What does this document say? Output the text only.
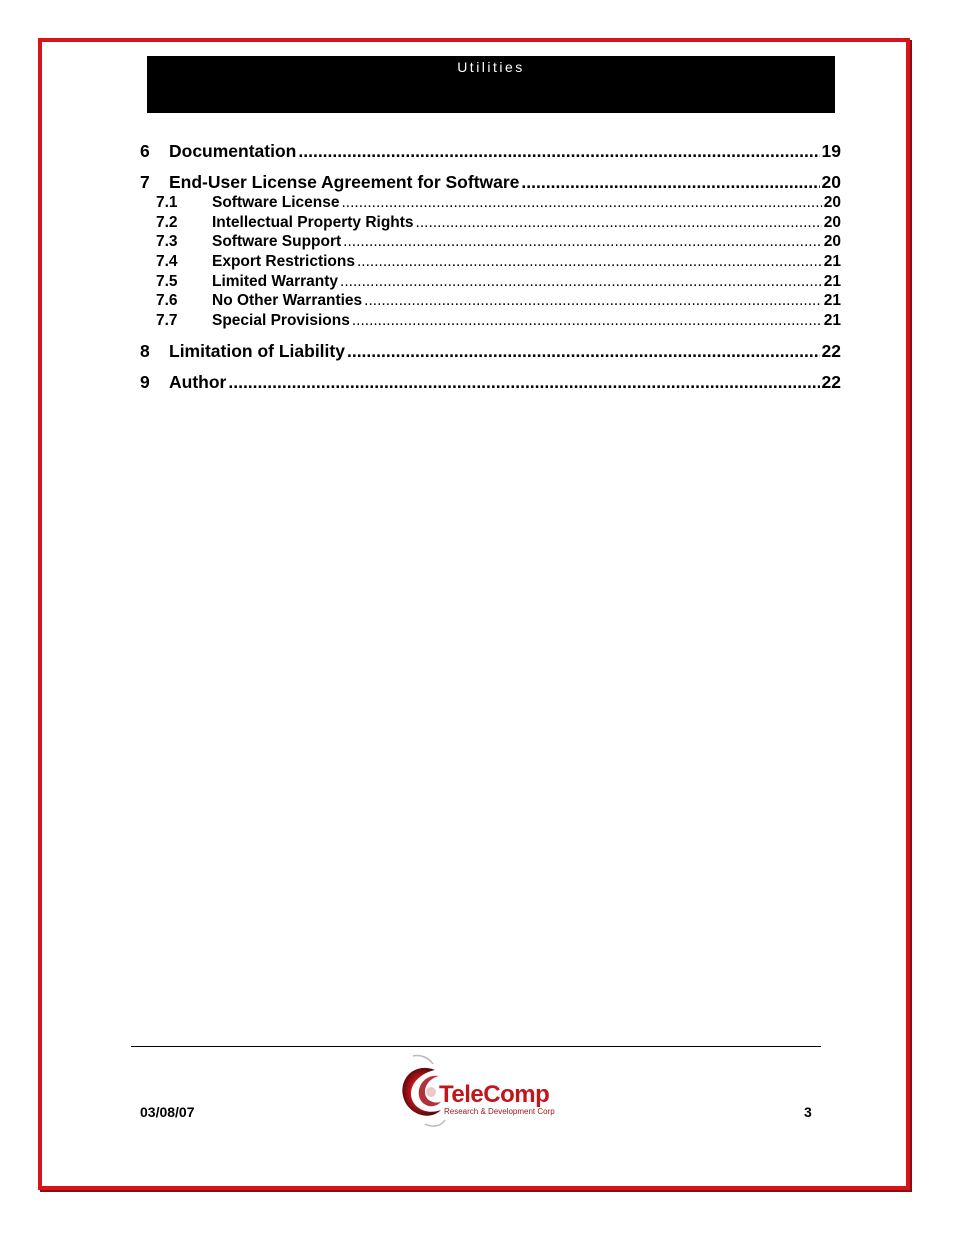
Utilities
6	Documentation .....	19
7	End-User License Agreement for Software .....	20
7.1	Software License .....	20
7.2	Intellectual Property Rights .....	20
7.3	Software Support .....	20
7.4	Export Restrictions .....	21
7.5	Limited Warranty .....	21
7.6	No Other Warranties .....	21
7.7	Special Provisions .....	21
8	Limitation of Liability .....	22
9	Author .....	22
03/08/07
TeleComp
Research & Development Corp	3
